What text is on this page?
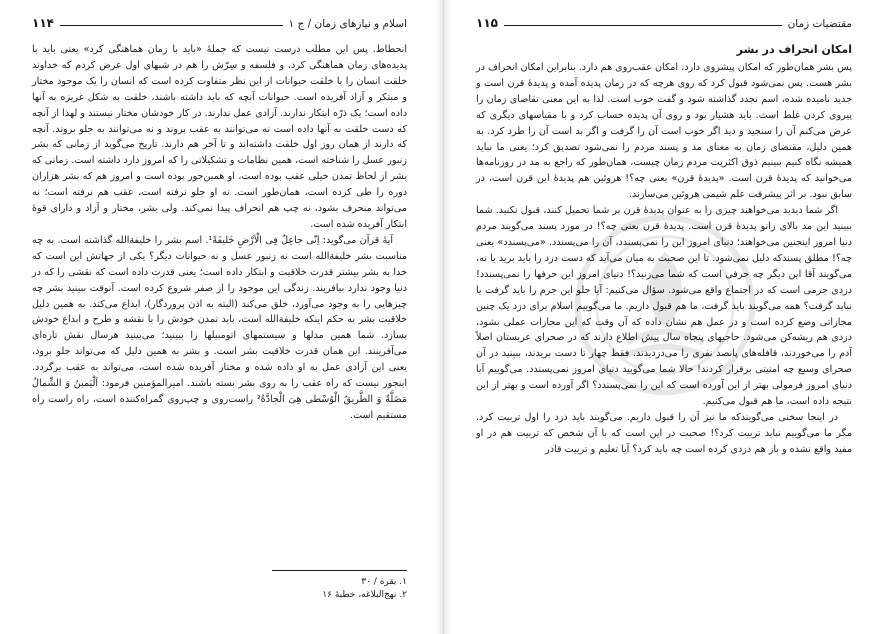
اسلام و نیازهای زمان / ج ۱
۱۱۴

انحطاط. پس این مطلب درست نیست که جملهٔ «باید با زمان هماهنگی کرد» یعنی باید با پدیده‌های زمان هماهنگی کرد، و فلسفه و سِرّش را هم در شبهای اول عرض کردم که خداوند خلقت انسان را با خلقت حیوانات از این نظر متفاوت کرده است که انسان را یک موجود مختار و مبتکر و آزاد آفریده است. حیوانات آنچه که باید داشته باشند، خلقت به شکل غریزه به آنها داده است؛ یک ذرّه ابتکار ندارند. آزادی عمل ندارند. در کار خودشان مختار نیستند و لهذا از آنچه که دست خلقت به آنها داده است نه می‌توانند به عقب بروند و نه می‌توانند به جلو بروند. آنچه که دارند از همان روز اول خلقت داشته‌اند و تا آخر هم دارند. تاریخ می‌گوید از زمانی که بشر زنبور عسل را شناخته است، همین نظامات و تشکیلاتی را که امروز دارد داشته است. زمانی که بشر از لحاظ تمدن خیلی عقب بوده است، او همین‌جور بوده است و امروز هم که بشر هزاران دوره را طی کرده است، همان‌طور است. نه او جلو نرفته است، عقب هم نرفته است؛ نه می‌تواند منحرف بشود، نه چپ هم انحراف پیدا نمی‌کند. ولی بشر، مختار و آزاد و دارای قوهٔ ابتکار آفریده شده است.

آیهٔ قرآن می‌گوید: اِنّی جاعِلٌ فِی الْاَرْضِ خَلیفَةً¹. اسم بشر را خلیفةالله گذاشته است. به چه مناسبت بشر خلیفة‌الله است نه زنبور عسل و نه حیوانات دیگر؟ یکی از جهاتش این است که خدا به بشر بیشتر قدرت خلاقیت و ابتکار داده است؛ یعنی قدرت داده است که نقشی را که در دنیا وجود ندارد بیافریند. زندگی این موجود را از صفر شروع کرده است. آنوقت ببینید بشر چه چیزهایی را به وجود می‌آورد، خلق می‌کند (البته به اذن پروردگار)، ابداع می‌کند. به همین دلیل خلاقیت بشر به حکم اینکه خلیفةالله است، باید تمدن خودش را با نقشه و طرح و ابداع خودش بسازد. شما همین مدلها و سیستمهای اتومبیلها را ببینید؛ می‌بینید هرسال نقش تازه‌ای می‌آفرینند. این همان قدرت خلاقیت بشر است. و بشر به همین دلیل که می‌تواند جلو برود، یعنی این آزادی عمل به او داده شده و مختار آفریده شده است، می‌تواند به عقب برگردد. اینجور نیست که راه عقب را به روی بشر بسته باشند. امیرالمؤمنین فرمود: اَلْیَمینُ وَ الشِّمالُ مَضَلَّةٌ وَ الطَّریقُ الْوُسْطی هِیَ الْجادَّةُ² راست‌روی و چپ‌روی گمراه‌کننده است، راه راست راه مستقیم است.

۱. بقره / ۳۰
۲. نهج‌البلاغه، خطبهٔ ۱۶
مقتضیات زمان
۱۱۵
امکان انحراف در بشر

پس بشر همان‌طور که امکان پیشروی دارد، امکان عقب‌روی هم دارد. بنابراین امکان انحراف در بشر هست. پس نمی‌شود قبول کرد که روی هرچه که در زمان پدیده آمده و پدیدهٔ قرن است و جدید نامیده شده، اسم تجدد گذاشته شود و گفت خوب است. لذا به این معنی تقاضای زمان را پیروی کردن غلط است. باید هشیار بود و روی آن پدیده حساب کرد و با مقیاسهای دیگری که عرض می‌کنم آن را سنجید و دید اگر خوب است آن را گرفت و اگر بد است آن را طرد کرد. به همین دلیل، مقتضای زمان به معنای مد و پسند مردم را نمی‌شود تصدیق کرد؛ یعنی ما نباید همیشه نگاه کنیم ببینیم ذوق اکثریت مردم زمان چیست، همان‌طور که راجع به مد در روزنامه‌ها می‌خوانید که پدیدهٔ قرن است. «پدیدهٔ قرن» یعنی چه؟! هروئین هم پدیدهٔ این قرن است، در سابق نبود. بر اثر پیشرفت علم شیمی هروئین می‌سازند.

اگر شما دیدید می‌خواهند چیزی را به عنوان پدیدهٔ قرن بر شما تحمیل کنند، قبول نکنید. شما ببینید این مد بالای زانو پدیدهٔ قرن است. پدیدهٔ قرن یعنی چه؟! در مورد پسند می‌گویند مردم دنیا امروز اینجنین می‌خواهند؛ دنیای امروز این را نمی‌پسندد، آن را می‌پسندد. «می‌پسندد» یعنی چه؟! مطلق پسندکه دلیل نمی‌شود. تا این صحبت به میان می‌آید که دست دزد را باید برید یا نه، می‌گویند آقا این دیگر چه حرفی است که شما می‌زنید؟! دنیای امروز این حرفها را نمی‌پسندد! دزدی جرمی است که در اجتماع واقع می‌شود. سؤال می‌کنیم: آیا جلو این جرم را باید گرفت یا نباید گرفت؟ همه می‌گویند باید گرفت، ما هم قبول داریم. ما می‌گوییم اسلام برای دزد یک چنین مجازاتی وضع کرده است و در عمل هم نشان داده که آن وقت که این مجازات عملی بشود، دزدی هم ریشه‌کن می‌شود. حاجیهای پنجاه سال پیش اطلاع دارند که در صحرای عربستان اصلاً آدم را می‌خوردند، قافله‌های پانصد نفری را می‌دزدیدند. فقط چهار تا دست بریدند، ببینید در آن صحرای وسیع چه امنیتی برقرار کردند! حالا شما می‌گویید دنیای امروز نمی‌پسندد. می‌گوییم آیا دنیای امروز فرمولی بهتر از این آورده است که این را نمی‌پسندد؟ اگر آورده است و بهتر از این نتیجه داده است، ما هم قبول می‌کنیم.

در اینجا سخنی می‌گویندکه ما نیز آن را قبول داریم. می‌گویند باید دزد را اول تربیت کرد. مگر ما می‌گوییم نباید تربیت کرد؟! صحبت در این است که با آن شخص که تربیت هم در او مفید واقع نشده و باز هم دزدی کرده است چه باید کرد؟ آیا تعلیم و تربیت قادر
